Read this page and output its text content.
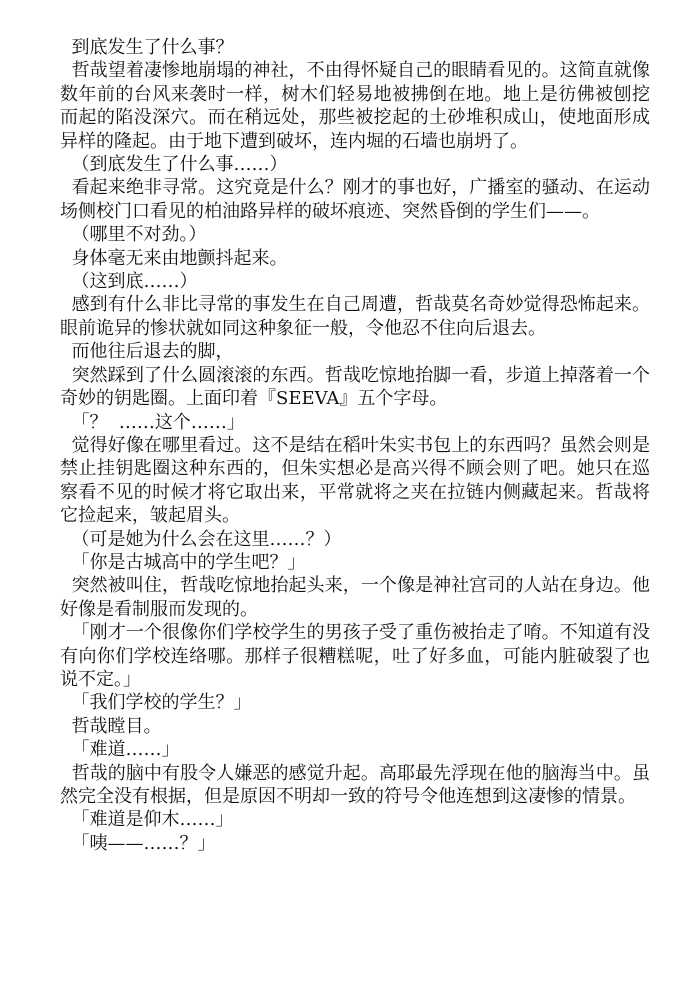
到底发生了什么事？

哲哉望着凄惨地崩塌的神社，不由得怀疑自己的眼睛看见的。这简直就像数年前的台风来袭时一样，树木们轻易地被拂倒在地。地上是彷佛被刨挖而起的陷没深穴。而在稍远处，那些被挖起的土砂堆积成山，使地面形成异样的隆起。由于地下遭到破坏，连内堀的石墙也崩坍了。

（到底发生了什么事……）

看起来绝非寻常。这究竟是什么？刚才的事也好，广播室的骚动、在运动场侧校门口看见的柏油路异样的破坏痕迹、突然昏倒的学生们——。

（哪里不对劲。）

身体毫无来由地颤抖起来。

（这到底……）

感到有什么非比寻常的事发生在自己周遭，哲哉莫名奇妙觉得恐怖起来。眼前诡异的惨状就如同这种象征一般，令他忍不住向后退去。

而他往后退去的脚，

突然踩到了什么圆滚滚的东西。哲哉吃惊地抬脚一看，步道上掉落着一个奇妙的钥匙圈。上面印着『SEEVA』五个字母。

「？  ……这个……」

觉得好像在哪里看过。这不是结在稻叶朱实书包上的东西吗？虽然会则是禁止挂钥匙圈这种东西的，但朱实想必是高兴得不顾会则了吧。她只在巡察看不见的时候才将它取出来，平常就将之夹在拉链内侧藏起来。哲哉将它捡起来，皱起眉头。

（可是她为什么会在这里……？）

「你是古城高中的学生吧？」

突然被叫住，哲哉吃惊地抬起头来，一个像是神社宫司的人站在身边。他好像是看制服而发现的。

「刚才一个很像你们学校学生的男孩子受了重伤被抬走了唷。不知道有没有向你们学校连络哪。那样子很糟糕呢，吐了好多血，可能内脏破裂了也说不定。」

「我们学校的学生？」

哲哉瞠目。

「难道……」

哲哉的脑中有股令人嫌恶的感觉升起。高耶最先浮现在他的脑海当中。虽然完全没有根据，但是原因不明却一致的符号令他连想到这凄惨的情景。

「难道是仰木……」

「咦——……？」
